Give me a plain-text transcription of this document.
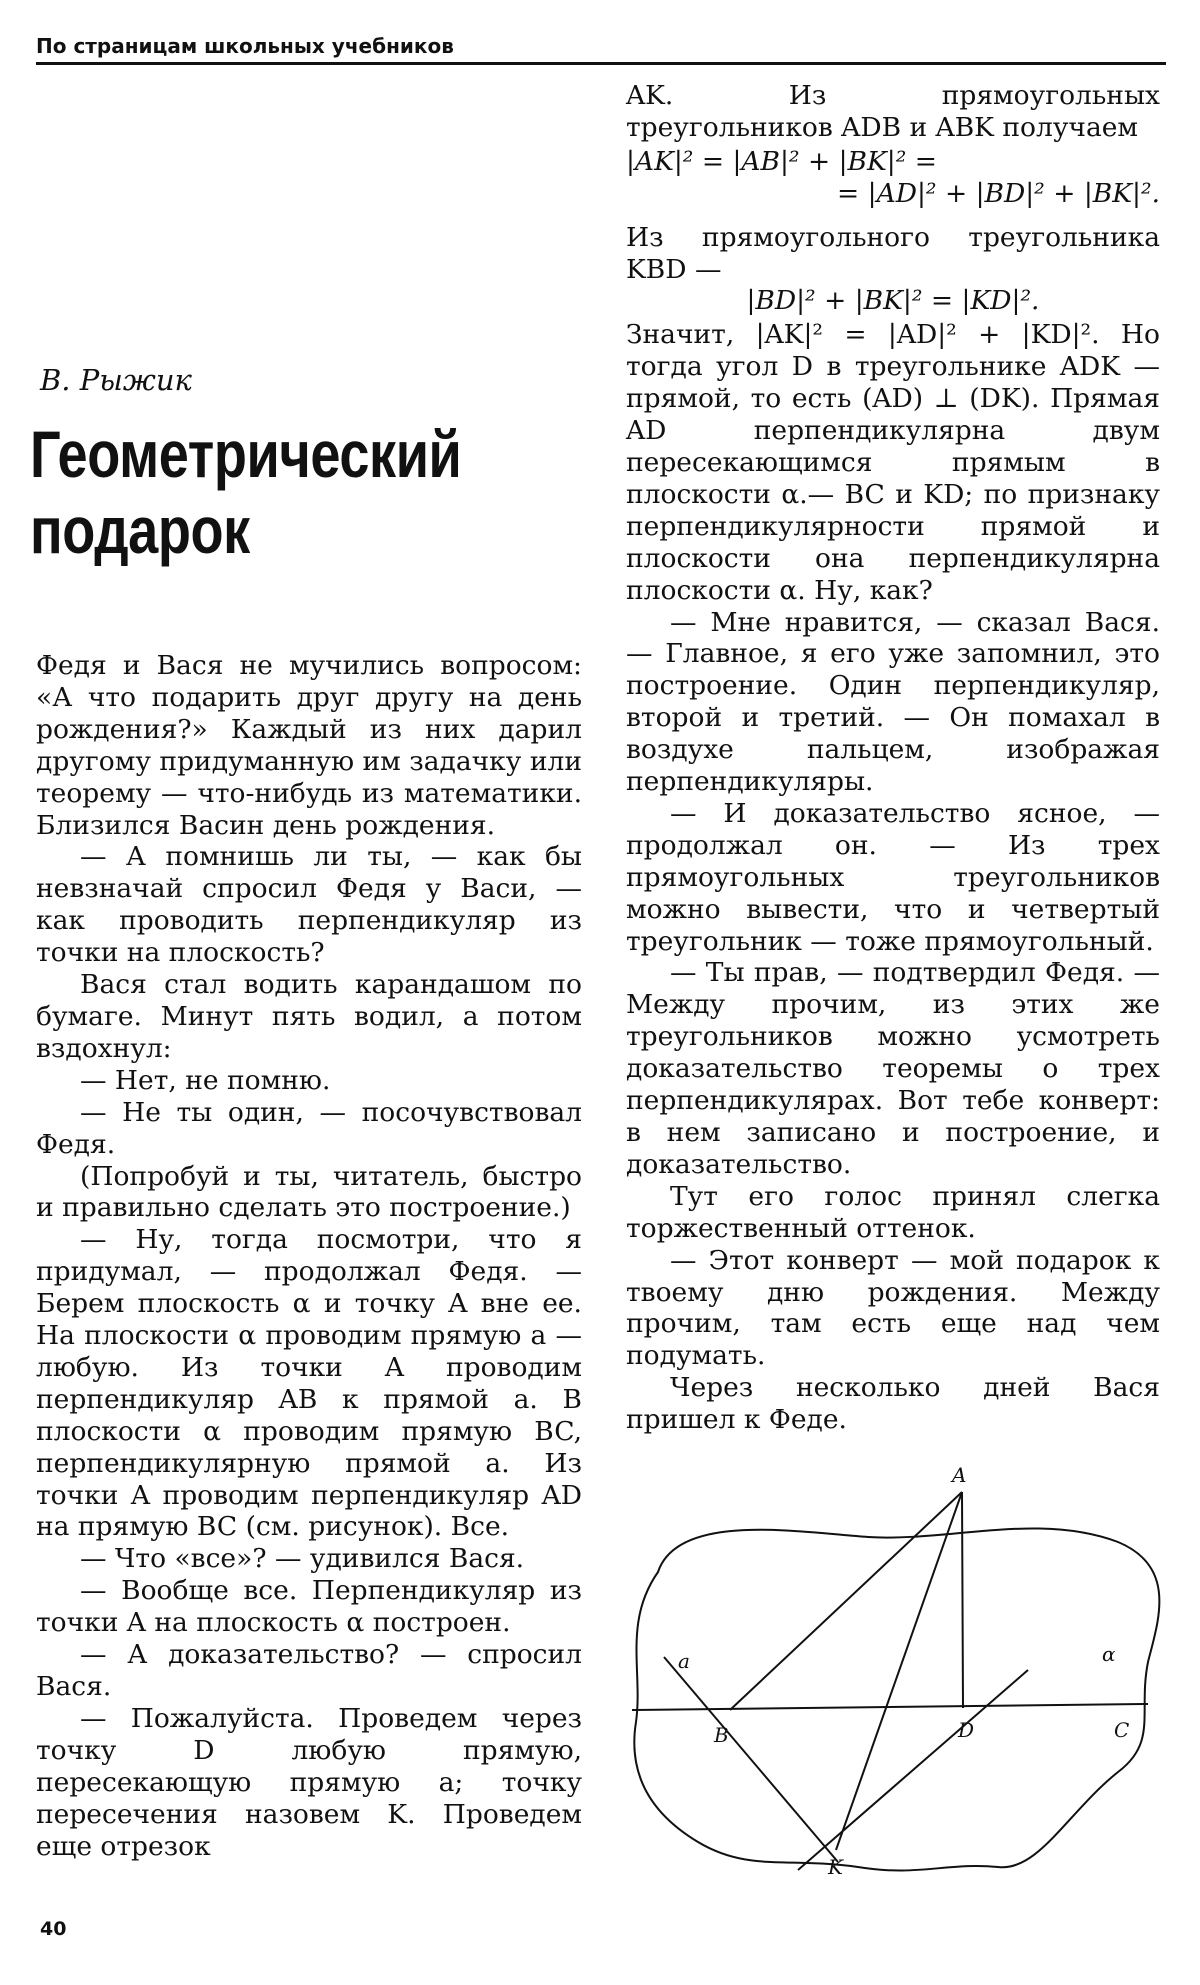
По страницам школьных учебников
В. Рыжик
Геометрический
подарок

Федя и Вася не мучились вопросом: «А что подарить друг другу на день рождения?» Каждый из них дарил другому придуманную им задачку или теорему — что-нибудь из математики. Близился Васин день рождения.

— А помнишь ли ты, — как бы невзначай спросил Федя у Васи, — как проводить перпендикуляр из точки на плоскость?

Вася стал водить карандашом по бумаге. Минут пять водил, а потом вздохнул:

— Нет, не помню.

— Не ты один, — посочувствовал Федя.

(Попробуй и ты, читатель, быстро и правильно сделать это построение.)

— Ну, тогда посмотри, что я придумал, — продолжал Федя. — Берем плоскость α и точку A вне ее. На плоскости α проводим прямую a — любую. Из точки A проводим перпендикуляр AB к прямой a. В плоскости α проводим прямую BC, перпендикулярную прямой a. Из точки A проводим перпендикуляр AD на прямую BC (см. рисунок). Все.

— Что «все»? — удивился Вася.

— Вообще все. Перпендикуляр из точки A на плоскость α построен.

— А доказательство? — спросил Вася.

— Пожалуйста. Проведем через точку D любую прямую, пересекающую прямую a; точку пересечения назовем K. Проведем еще отрезок

AK. Из прямоугольных треугольников ADB и ABK получаем

|AK|² = |AB|² + |BK|² =
= |AD|² + |BD|² + |BK|².

Из прямоугольного треугольника KBD —

|BD|² + |BK|² = |KD|².

Значит, |AK|² = |AD|² + |KD|². Но тогда угол D в треугольнике ADK — прямой, то есть (AD) ⊥ (DK). Прямая AD перпендикулярна двум пересекающимся прямым в плоскости α.— BC и KD; по признаку перпендикулярности прямой и плоскости она перпендикулярна плоскости α. Ну, как?

— Мне нравится, — сказал Вася. — Главное, я его уже запомнил, это построение. Один перпендикуляр, второй и третий. — Он помахал в воздухе пальцем, изображая перпендикуляры.

— И доказательство ясное, — продолжал он. — Из трех прямоугольных треугольников можно вывести, что и четвертый треугольник — тоже прямоугольный.

— Ты прав, — подтвердил Федя. — Между прочим, из этих же треугольников можно усмотреть доказательство теоремы о трех перпендикулярах. Вот тебе конверт: в нем записано и построение, и доказательство.

Тут его голос принял слегка торжественный оттенок.

— Этот конверт — мой подарок к твоему дню рождения. Между прочим, там есть еще над чем подумать.

Через несколько дней Вася пришел к Феде.

A
a	α
B	D	C
K
40
